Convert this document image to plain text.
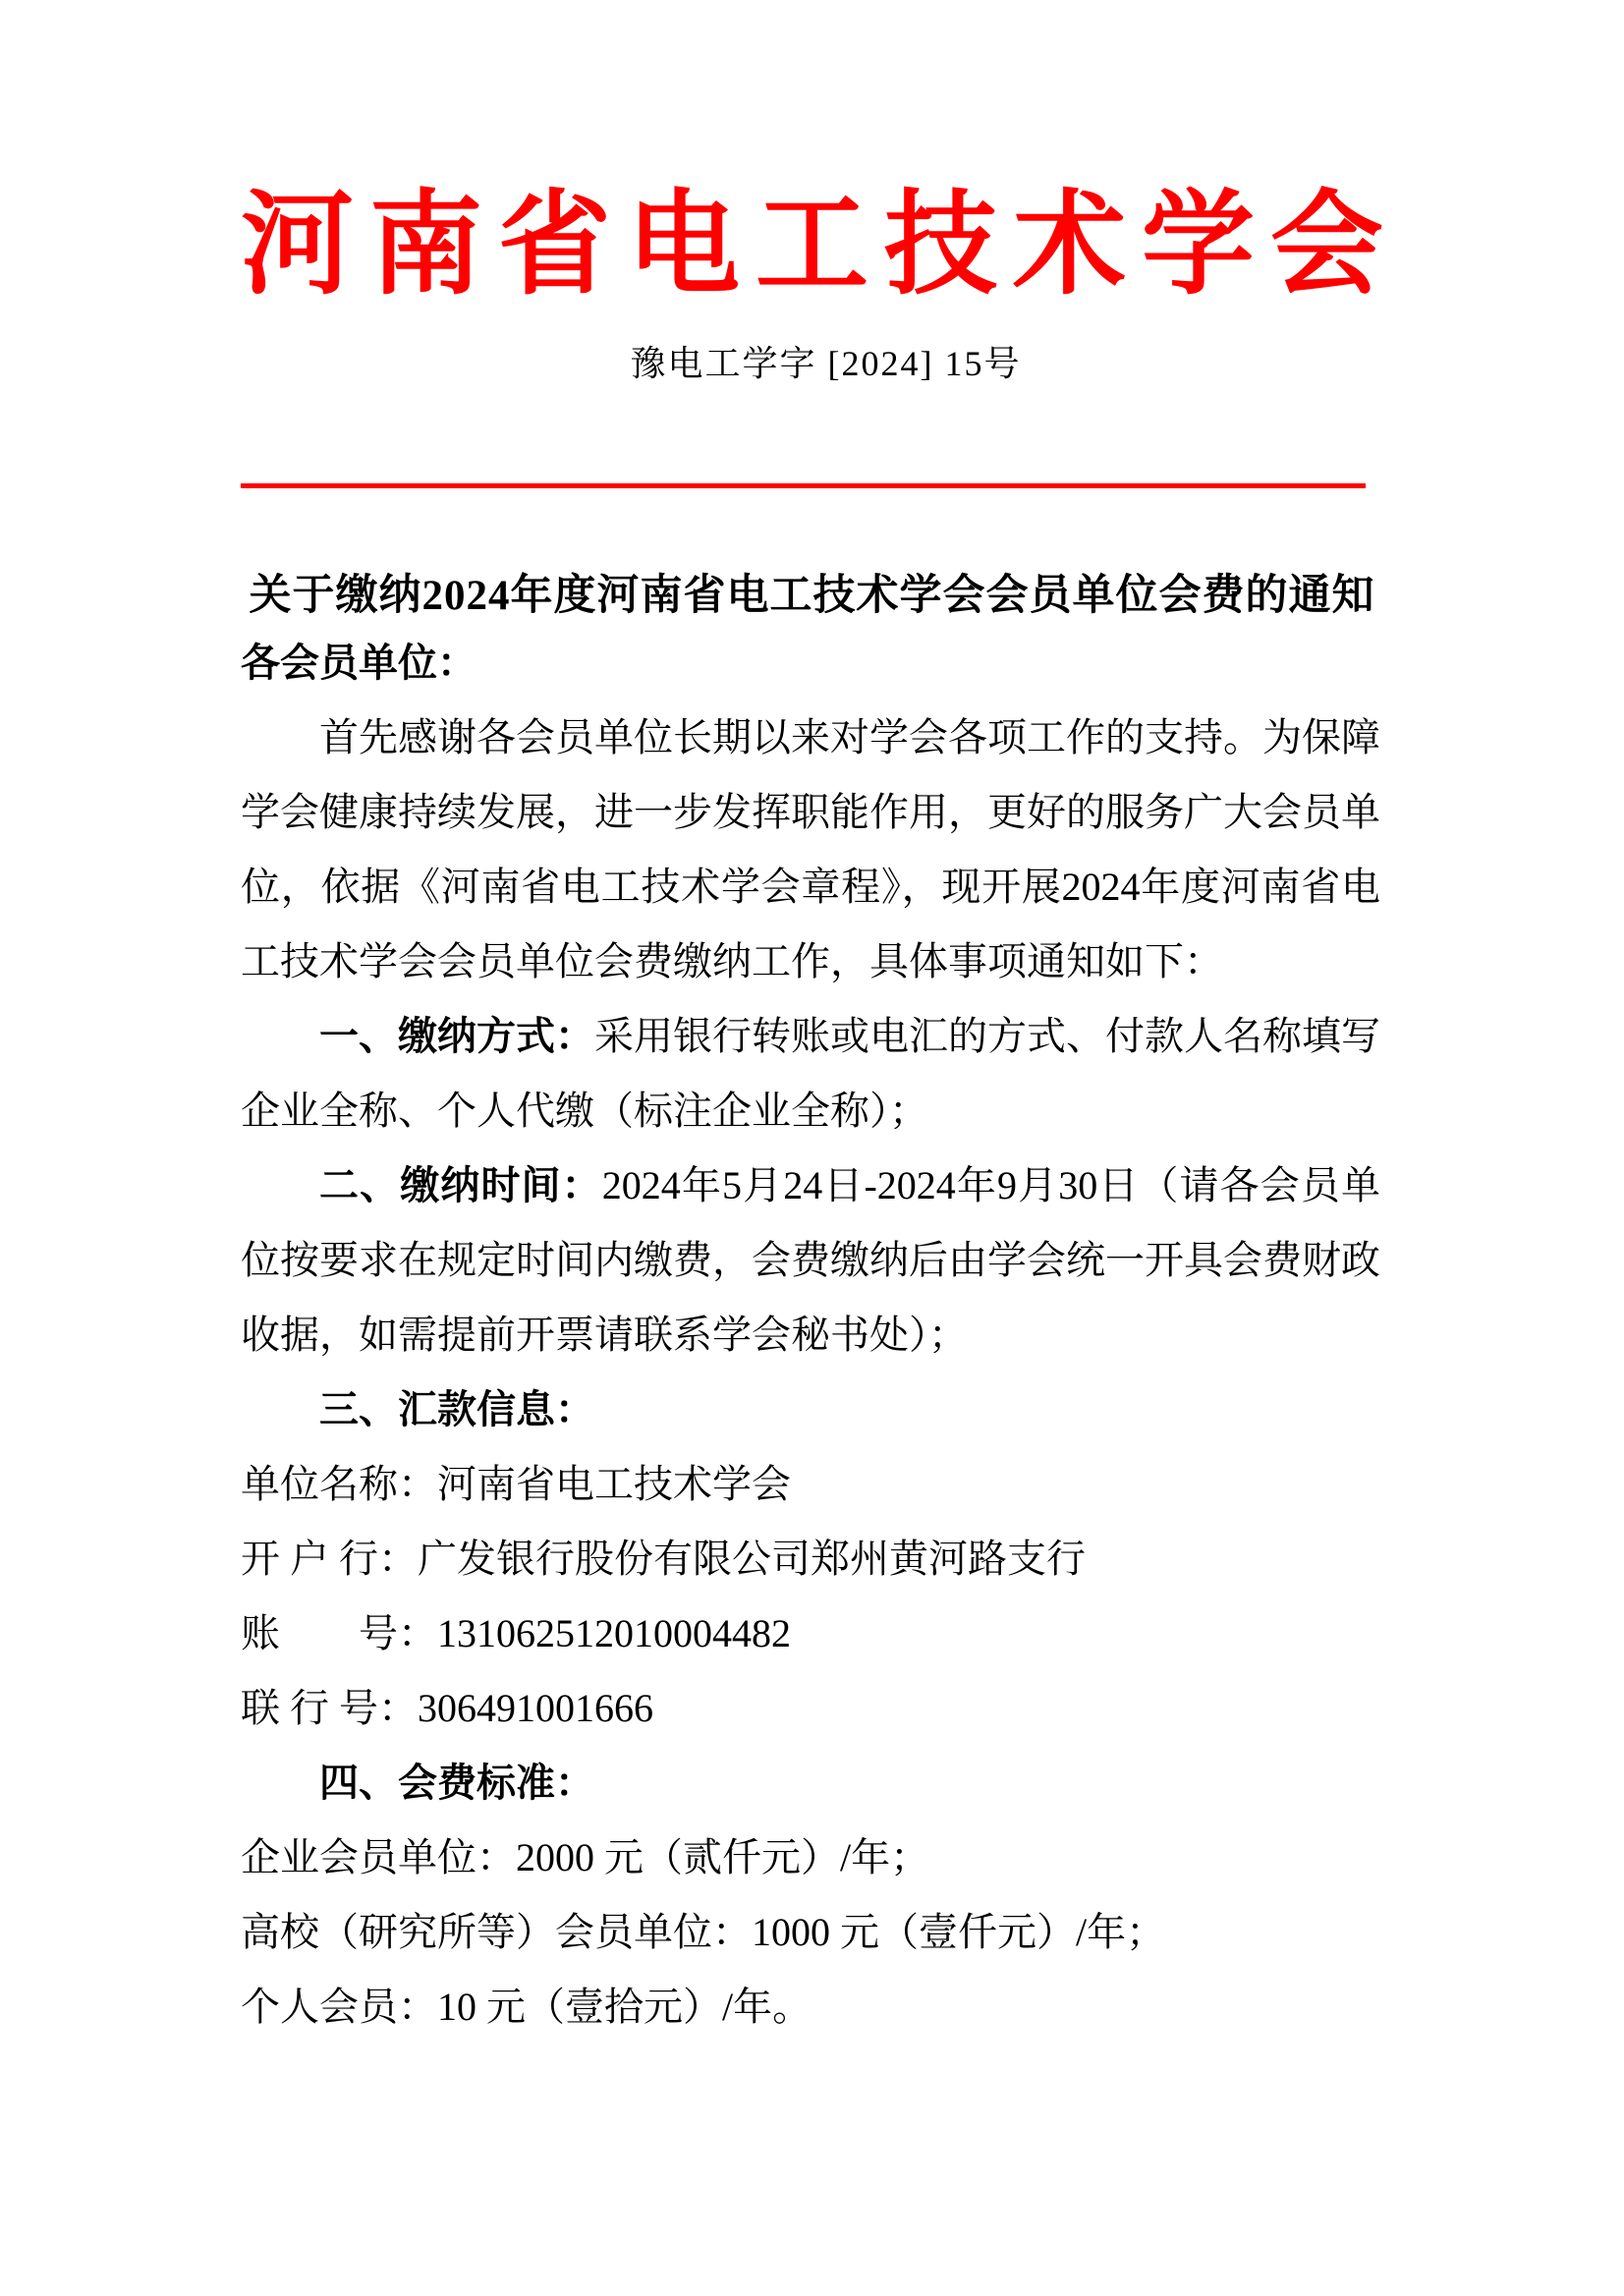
河南省电工技术学会
豫电工学字 [2024] 15号
关于缴纳2024年度河南省电工技术学会会员单位会费的通知

各会员单位：

首先感谢各会员单位长期以来对学会各项工作的支持。为保障学会健康持续发展，进一步发挥职能作用，更好的服务广大会员单位，依据《河南省电工技术学会章程》，现开展2024年度河南省电工技术学会会员单位会费缴纳工作，具体事项通知如下：

一、缴纳方式：采用银行转账或电汇的方式、付款人名称填写企业全称、个人代缴（标注企业全称）；

二、缴纳时间：2024年5月24日-2024年9月30日（请各会员单位按要求在规定时间内缴费，会费缴纳后由学会统一开具会费财政收据，如需提前开票请联系学会秘书处）；

三、汇款信息：

单位名称：河南省电工技术学会

开 户 行：广发银行股份有限公司郑州黄河路支行

账　　号：131062512010004482

联 行 号：306491001666

四、会费标准：

企业会员单位：2000 元（贰仟元）/年；

高校（研究所等）会员单位：1000 元（壹仟元）/年；

个人会员：10 元（壹拾元）/年。
